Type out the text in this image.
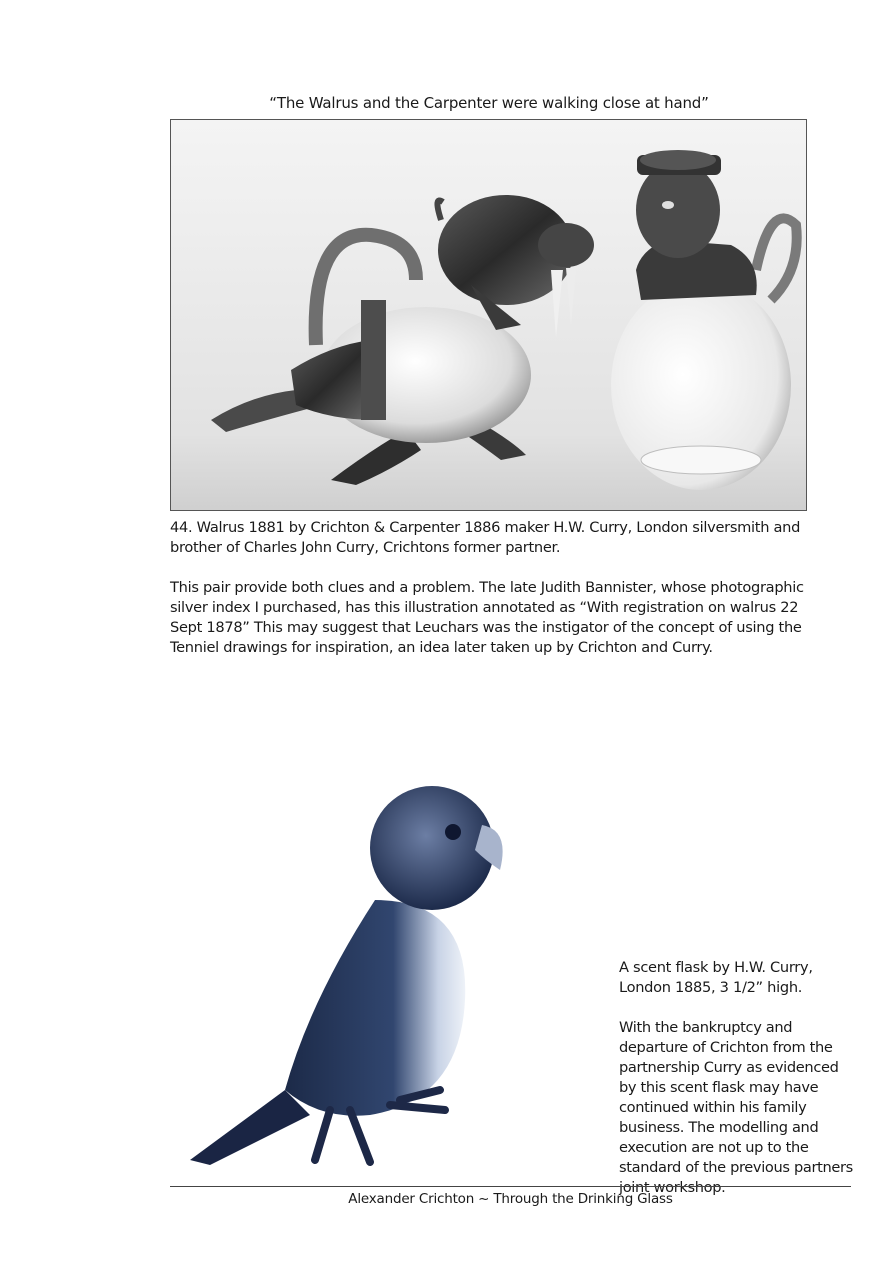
“The Walrus and the Carpenter were walking close at hand”
44. Walrus 1881 by Crichton & Carpenter 1886 maker H.W. Curry, London silversmith and brother of Charles John Curry, Crichtons former partner.

This pair provide both clues and a problem. The late Judith Bannister, whose photographic silver index I purchased, has this illustration annotated as “With registration on walrus 22 Sept 1878” This may suggest that Leuchars was the instigator of the concept of using the Tenniel drawings for inspiration, an idea later taken up by Crichton and Curry.

A scent flask by H.W. Curry, London 1885, 3 1/2” high.
With the bankruptcy and departure of Crichton from the partnership Curry as evidenced by this scent flask may have continued within his family business. The modelling and execution are not up to the standard of the previous partners joint workshop.
Alexander Crichton ~ Through the Drinking Glass
